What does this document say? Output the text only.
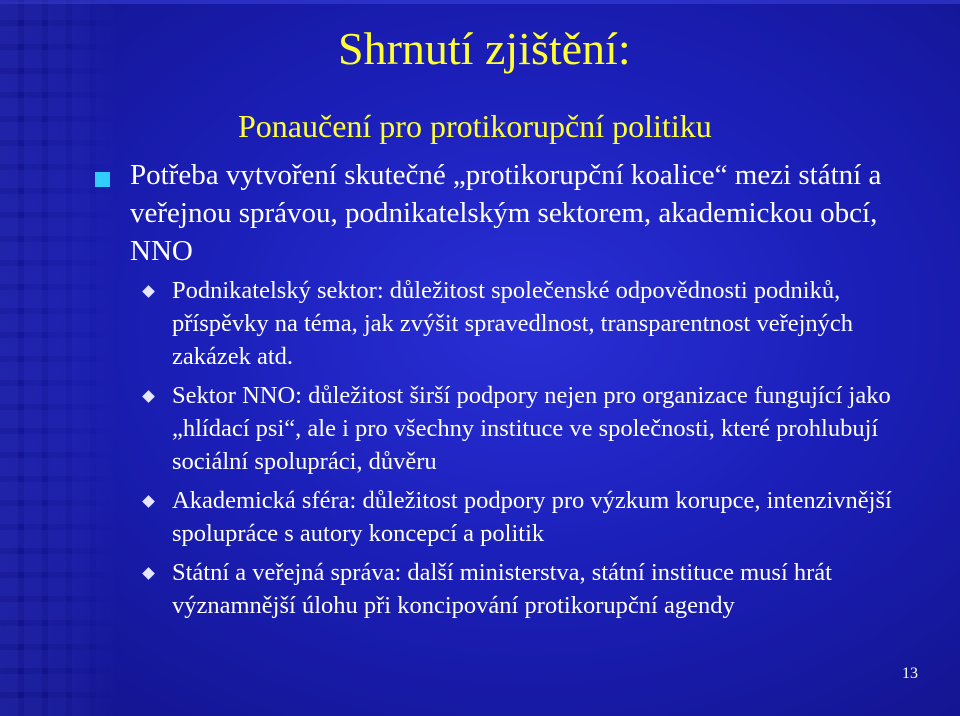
Shrnutí zjištění:
Ponaučení pro protikorupční politiku
Potřeba vytvoření skutečné „protikorupční koalice“ mezi státní a veřejnou správou, podnikatelským sektorem, akademickou obcí, NNO
Podnikatelský sektor: důležitost společenské odpovědnosti podniků, příspěvky na téma, jak zvýšit spravedlnost, transparentnost veřejných zakázek atd.
Sektor NNO: důležitost širší podpory nejen pro organizace fungující jako „hlídací psi“, ale i pro všechny instituce ve společnosti, které prohlubují sociální spolupráci, důvěru
Akademická sféra: důležitost podpory pro výzkum korupce, intenzivnější spolupráce s autory koncepcí a politik
Státní a veřejná správa: další ministerstva, státní instituce musí hrát významnější úlohu při koncipování protikorupční agendy
13
